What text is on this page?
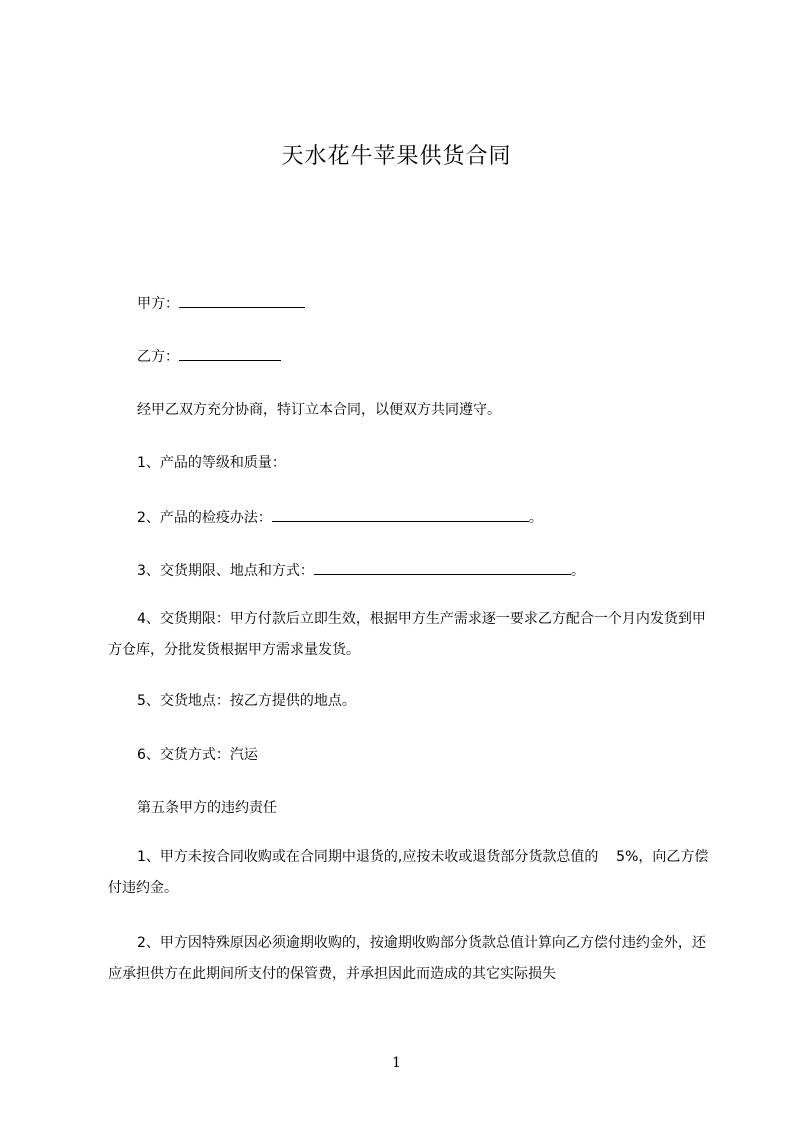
天水花牛苹果供货合同
甲方：
乙方：
经甲乙双方充分协商，特订立本合同，以便双方共同遵守。
1、产品的等级和质量：
2、产品的检疫办法：	。
3、交货期限、地点和方式：	。
4、交货期限：甲方付款后立即生效，根据甲方生产需求逐一要求乙方配合一个月内发货到甲方仓库，分批发货根据甲方需求量发货。
5、交货地点：按乙方提供的地点。
6、交货方式：汽运
第五条甲方的违约责任
1、甲方未按合同收购或在合同期中退货的,应按未收或退货部分货款总值的    5%，向乙方偿付违约金。
2、甲方因特殊原因必须逾期收购的，按逾期收购部分货款总值计算向乙方偿付违约金外，还应承担供方在此期间所支付的保管费，并承担因此而造成的其它实际损失
1
